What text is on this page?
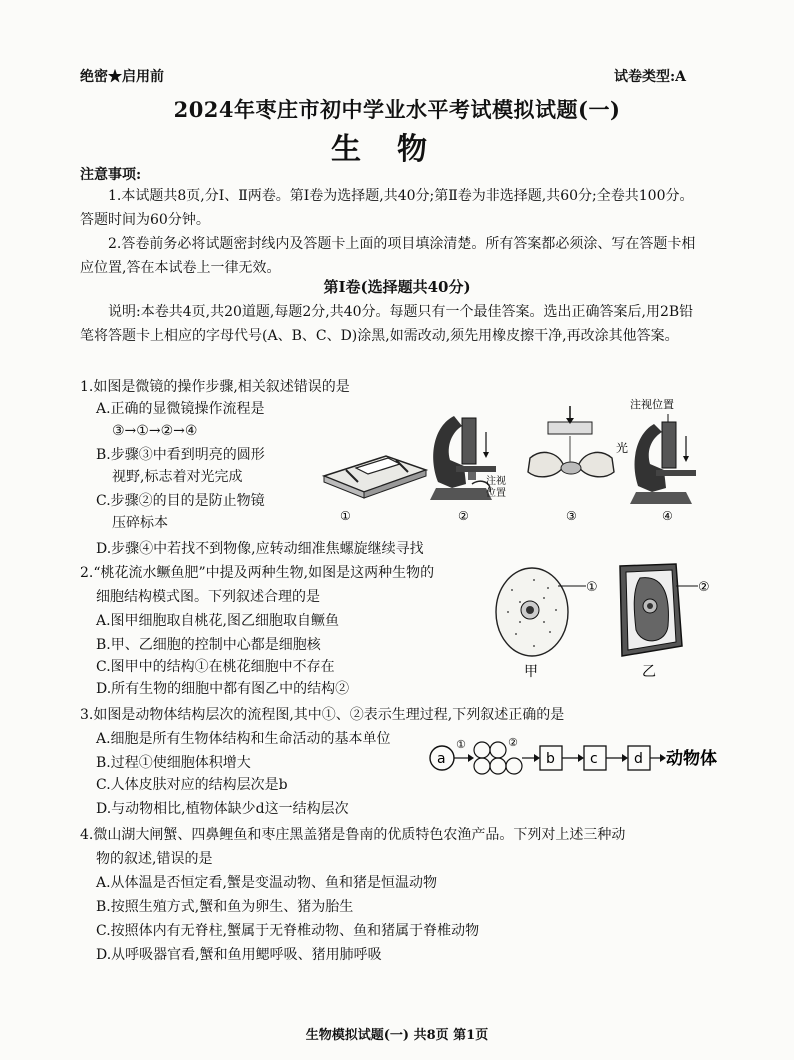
绝密★启用前	试卷类型:A
2024年枣庄市初中学业水平考试模拟试题(一)
生物
注意事项:
1.本试题共8页,分Ⅰ、Ⅱ两卷。第Ⅰ卷为选择题,共40分;第Ⅱ卷为非选择题,共60分;全卷共100分。答题时间为60分钟。
2.答卷前务必将试题密封线内及答题卡上面的项目填涂清楚。所有答案都必须涂、写在答题卡相应位置,答在本试卷上一律无效。
第Ⅰ卷(选择题共40分)
说明:本卷共4页,共20道题,每题2分,共40分。每题只有一个最佳答案。选出正确答案后,用2B铅笔将答题卡上相应的字母代号(A、B、C、D)涂黑,如需改动,须先用橡皮擦干净,再改涂其他答案。
1.如图是微镜的操作步骤,相关叙述错误的是
A.正确的显微镜操作流程是
③→①→②→④
B.步骤③中看到明亮的圆形
视野,标志着对光完成
C.步骤②的目的是防止物镜
压碎标本
D.步骤④中若找不到物像,应转动细准焦螺旋继续寻找
①
注视
位置
②
光
③
注视位置
④
2.“桃花流水鳜鱼肥”中提及两种生物,如图是这两种生物的
细胞结构模式图。下列叙述合理的是
A.图甲细胞取自桃花,图乙细胞取自鳜鱼
B.甲、乙细胞的控制中心都是细胞核
C.图甲中的结构①在桃花细胞中不存在
D.所有生物的细胞中都有图乙中的结构②
①
甲
②
乙
3.如图是动物体结构层次的流程图,其中①、②表示生理过程,下列叙述正确的是
A.细胞是所有生物体结构和生命活动的基本单位
B.过程①使细胞体积增大
C.人体皮肤对应的结构层次是b
D.与动物相比,植物体缺少d这一结构层次
a
①	②
b	c	d 动物体
4.微山湖大闸蟹、四鼻鲤鱼和枣庄黑盖猪是鲁南的优质特色农渔产品。下列对上述三种动
物的叙述,错误的是
A.从体温是否恒定看,蟹是变温动物、鱼和猪是恒温动物
B.按照生殖方式,蟹和鱼为卵生、猪为胎生
C.按照体内有无脊柱,蟹属于无脊椎动物、鱼和猪属于脊椎动物
D.从呼吸器官看,蟹和鱼用鳃呼吸、猪用肺呼吸
生物模拟试题(一) 共8页 第1页
